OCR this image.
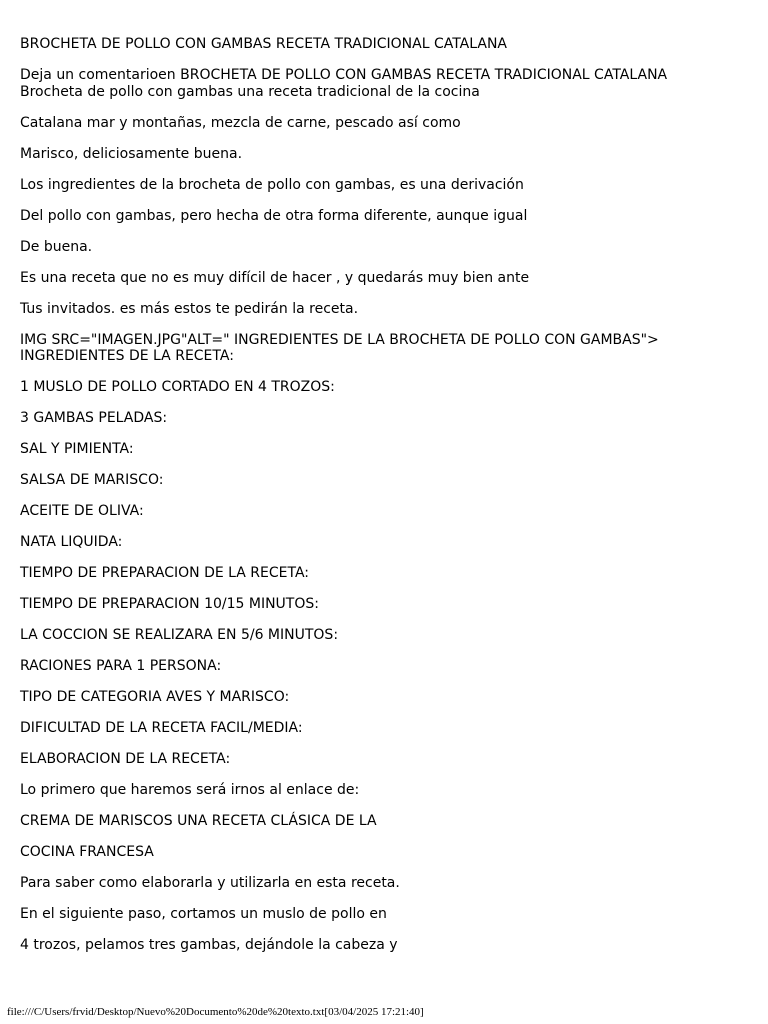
BROCHETA DE POLLO CON GAMBAS RECETA TRADICIONAL CATALANA

Deja un comentarioen BROCHETA DE POLLO CON GAMBAS RECETA TRADICIONAL CATALANA
Brocheta de pollo con gambas una receta tradicional de la cocina

Catalana mar y montañas, mezcla de carne, pescado así como

Marisco, deliciosamente buena.

Los ingredientes de la brocheta de pollo con gambas, es una derivación

Del pollo con gambas, pero hecha de otra forma diferente, aunque igual

De buena.

Es una receta que no es muy difícil de hacer , y quedarás muy bien ante

Tus invitados. es más estos te pedirán la receta.

IMG SRC="IMAGEN.JPG"ALT=" INGREDIENTES DE LA BROCHETA DE POLLO CON GAMBAS">
INGREDIENTES DE LA RECETA:

1 MUSLO DE POLLO CORTADO EN 4 TROZOS:

3 GAMBAS PELADAS:

SAL Y PIMIENTA:

SALSA DE MARISCO:

ACEITE DE OLIVA:

NATA LIQUIDA:

TIEMPO DE PREPARACION DE LA RECETA:

TIEMPO DE PREPARACION 10/15 MINUTOS:

LA COCCION SE REALIZARA EN 5/6 MINUTOS:

RACIONES PARA 1 PERSONA:

TIPO DE CATEGORIA AVES Y MARISCO:

DIFICULTAD DE LA RECETA FACIL/MEDIA:

ELABORACION DE LA RECETA:

Lo primero que haremos será irnos al enlace de:

CREMA DE MARISCOS UNA RECETA CLÁSICA DE LA

COCINA FRANCESA

Para saber como elaborarla y utilizarla en esta receta.

En el siguiente paso, cortamos un muslo de pollo en

4 trozos, pelamos tres gambas, dejándole la cabeza y

file:///C/Users/frvid/Desktop/Nuevo%20Documento%20de%20texto.txt[03/04/2025 17:21:40]
